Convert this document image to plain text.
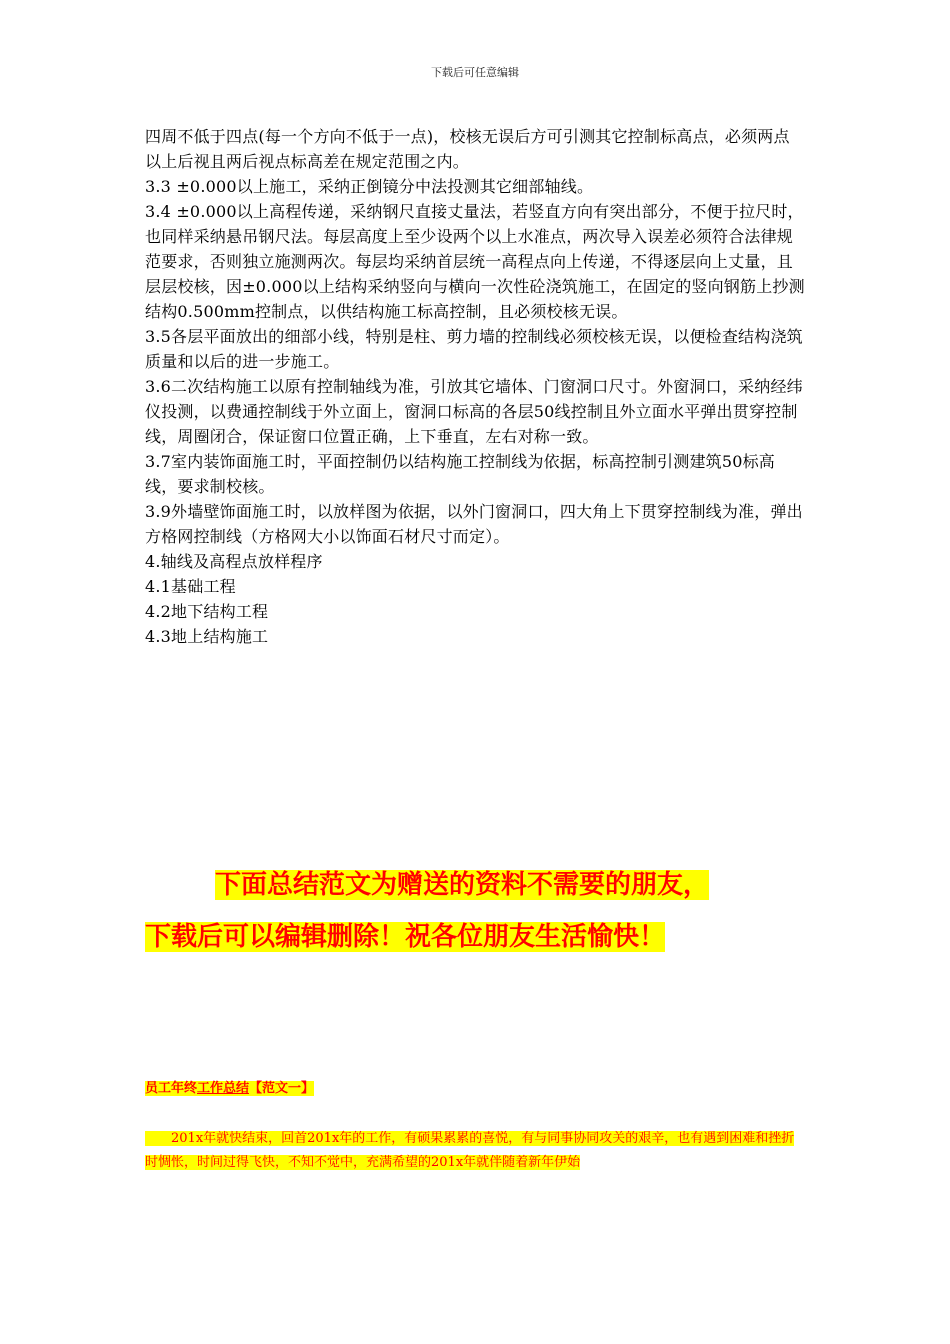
下载后可任意编辑

四周不低于四点(每一个方向不低于一点)，校核无误后方可引测其它控制标高点，必须两点以上后视且两后视点标高差在规定范围之内。

3.3 ±0.000以上施工，采纳正倒镜分中法投测其它细部轴线。

3.4 ±0.000以上高程传递，采纳钢尺直接丈量法，若竖直方向有突出部分，不便于拉尺时，也同样采纳悬吊钢尺法。每层高度上至少设两个以上水准点，两次导入误差必须符合法律规范要求，否则独立施测两次。每层均采纳首层统一高程点向上传递，不得逐层向上丈量，且层层校核，因±0.000以上结构采纳竖向与横向一次性砼浇筑施工，在固定的竖向钢筋上抄测结构0.500mm控制点，以供结构施工标高控制，且必须校核无误。

3.5各层平面放出的细部小线，特别是柱、剪力墙的控制线必须校核无误，以便检查结构浇筑质量和以后的进一步施工。

3.6二次结构施工以原有控制轴线为准，引放其它墙体、门窗洞口尺寸。外窗洞口，采纳经纬仪投测，以费通控制线于外立面上，窗洞口标高的各层50线控制且外立面水平弹出贯穿控制线，周圈闭合，保证窗口位置正确，上下垂直，左右对称一致。

3.7室内装饰面施工时，平面控制仍以结构施工控制线为依据，标高控制引测建筑50标高线，要求制校核。

3.9外墙壁饰面施工时，以放样图为依据，以外门窗洞口，四大角上下贯穿控制线为准，弹出方格网控制线（方格网大小以饰面石材尺寸而定）。

4.轴线及高程点放样程序

4.1基础工程

4.2地下结构工程

4.3地上结构施工

下面总结范文为赠送的资料不需要的朋友，
下载后可以编辑删除！祝各位朋友生活愉快！
员工年终工作总结【范文一】

201x年就快结束，回首201x年的工作，有硕果累累的喜悦，有与同事协同攻关的艰辛，也有遇到困难和挫折时惆怅，时间过得飞快，不知不觉中，充满希望的201x年就伴随着新年伊始
